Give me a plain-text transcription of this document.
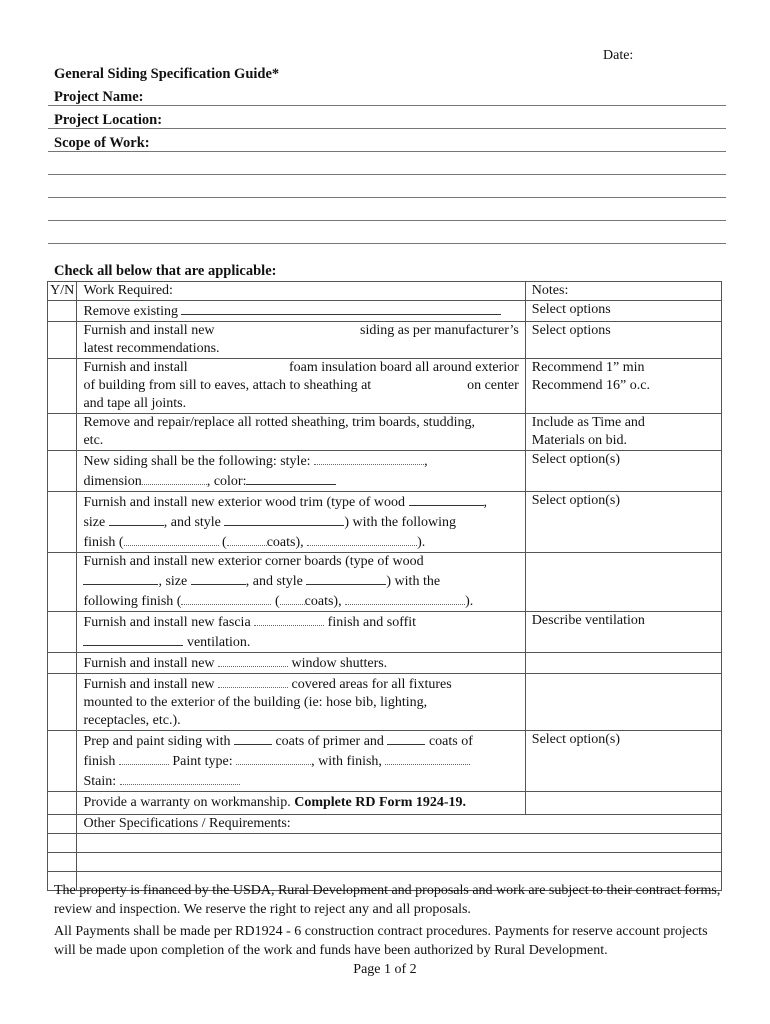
Date:
General Siding Specification Guide*
Project Name:
Project Location:
Scope of Work:
Check all below that are applicable:
Y/N	Work Required:	Notes:
	Remove existing	Select options
	Furnish and install new siding as per manufacturer’s

latest recommendations.	Select options
	Furnish and install foam insulation board all around exterior

of building from sill to eaves, attach to sheathing at on center

and tape all joints.	Recommend 1” min
Recommend 16” o.c.
	Remove and repair/replace all rotted sheathing, trim boards, studding,
etc.	Include as Time and
Materials on bid.
	New siding shall be the following: style: ,
dimension , color:	Select option(s)
	Furnish and install new exterior wood trim (type of wood ,
size , and style ) with the following
finish ( ( coats), ).	Select option(s)
	Furnish and install new exterior corner boards (type of wood
, size , and style ) with the
following finish ( ( coats), ).	
	Furnish and install new fascia finish and soffit
ventilation.	Describe ventilation
	Furnish and install new window shutters.	
	Furnish and install new covered areas for all fixtures
mounted to the exterior of the building (ie: hose bib, lighting,
receptacles, etc.).	
	Prep and paint siding with coats of primer and coats of
finish Paint type: , with finish,
Stain:	Select option(s)
	Provide a warranty on workmanship. Complete RD Form 1924-19.	
	Other Specifications / Requirements:	

The property is financed by the USDA, Rural Development and proposals and work are subject to their contract forms, review and inspection. We reserve the right to reject any and all proposals.
All Payments shall be made per RD1924 - 6 construction contract procedures. Payments for reserve account projects will be made upon completion of the work and funds have been authorized by Rural Development.
Page 1 of 2
